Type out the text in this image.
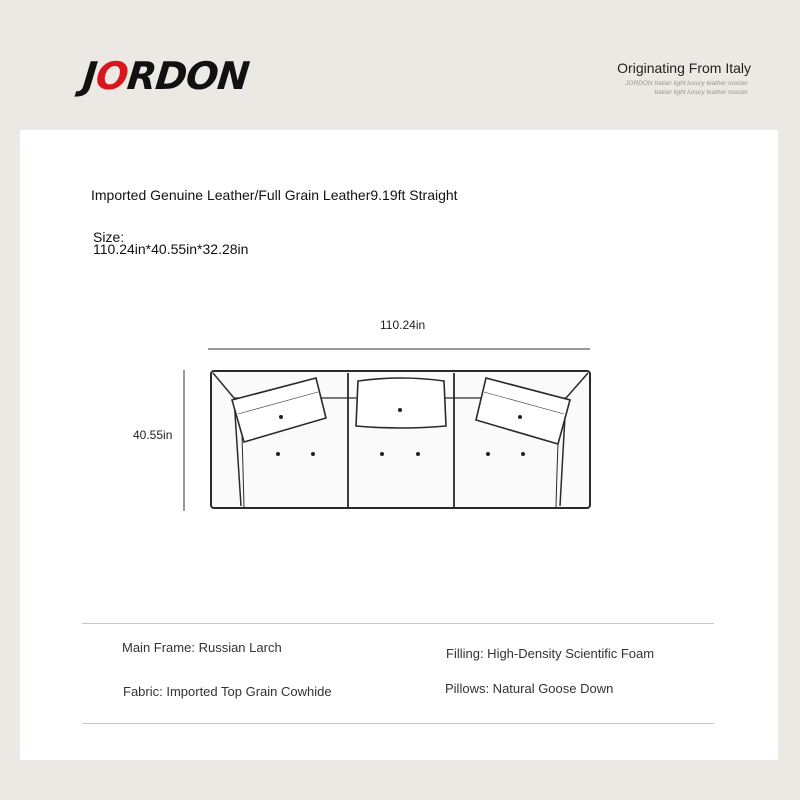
JORDON	Originating From Italy
JORDON Italian light luxury leather master
Italian light luxury leather master
Imported Genuine Leather/Full Grain Leather9.19ft Straight
Size:
110.24in*40.55in*32.28in
110.24in
40.55in
Main Frame: Russian Larch	Filling: High-Density Scientific Foam
Fabric: Imported Top Grain Cowhide	Pillows: Natural Goose Down
